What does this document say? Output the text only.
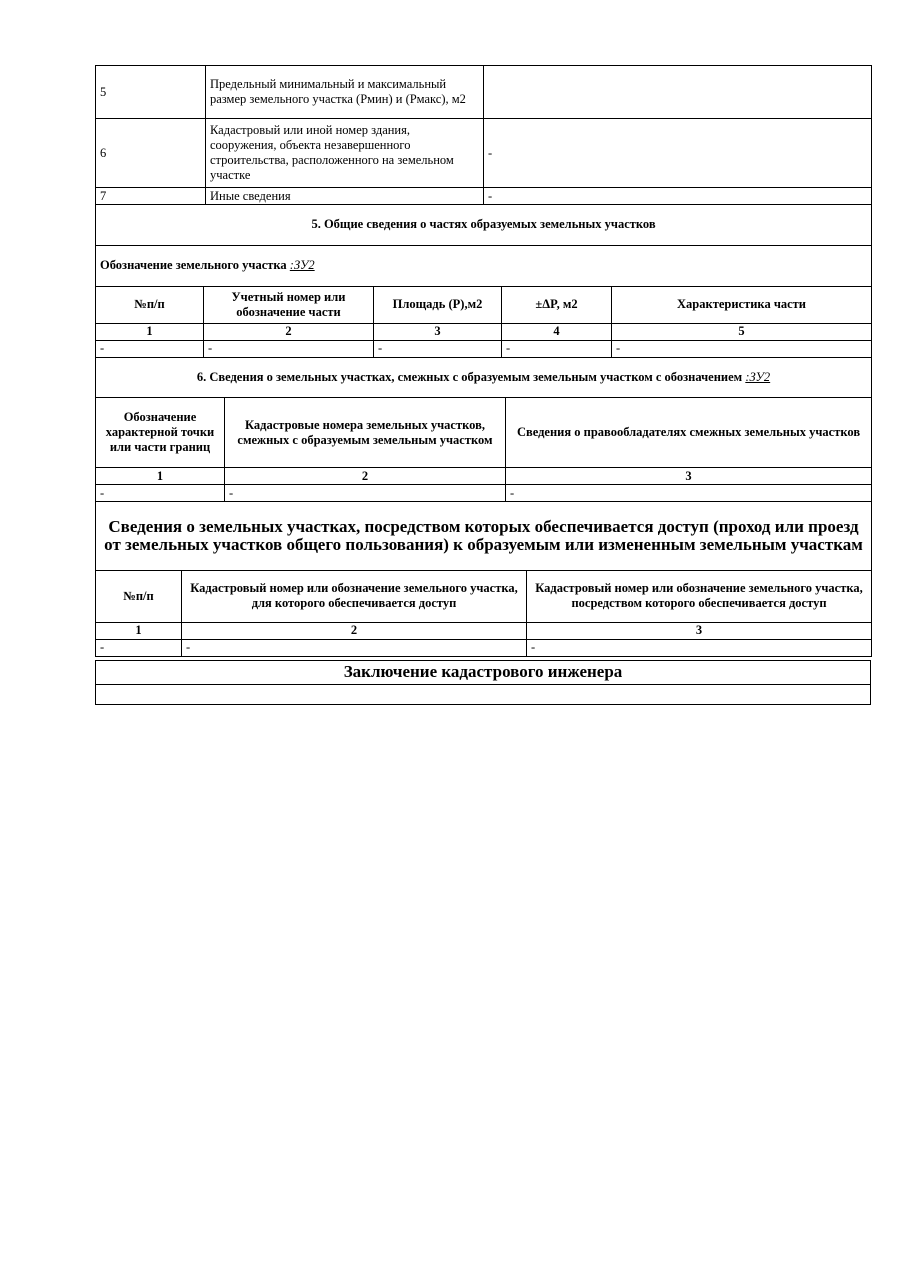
5	Предельный минимальный и максимальный размер земельного участка (Pмин) и (Pмакс), м2	
6	Кадастровый или иной номер здания, сооружения, объекта незавершенного строительства, расположенного на земельном участке	-
7	Иные сведения	-
5. Общие сведения о частях образуемых земельных участков				
Обозначение земельного участка :ЗУ2				
№п/п	Учетный номер или обозначение части	Площадь (P),м2	±ΔP, м2	Характеристика части
1	2	3	4	5
-	-	-	-	-
6. Сведения о земельных участках, смежных с образуемым земельным участком с обозначением :ЗУ2		
Обозначение характерной точки или части границ	Кадастровые номера земельных участков, смежных с образуемым земельным участком	Сведения о правообладателях смежных земельных участков
1	2	3
-	-	-
Сведения о земельных участках, посредством которых обеспечивается доступ (проход или проезд от земельных участков общего пользования) к образуемым или измененным земельным участкам		
№п/п	Кадастровый номер или обозначение земельного участка, для которого обеспечивается доступ	Кадастровый номер или обозначение земельного участка, посредством которого обеспечивается доступ
1	2	3
-	-	-
Заключение кадастрового инженера
